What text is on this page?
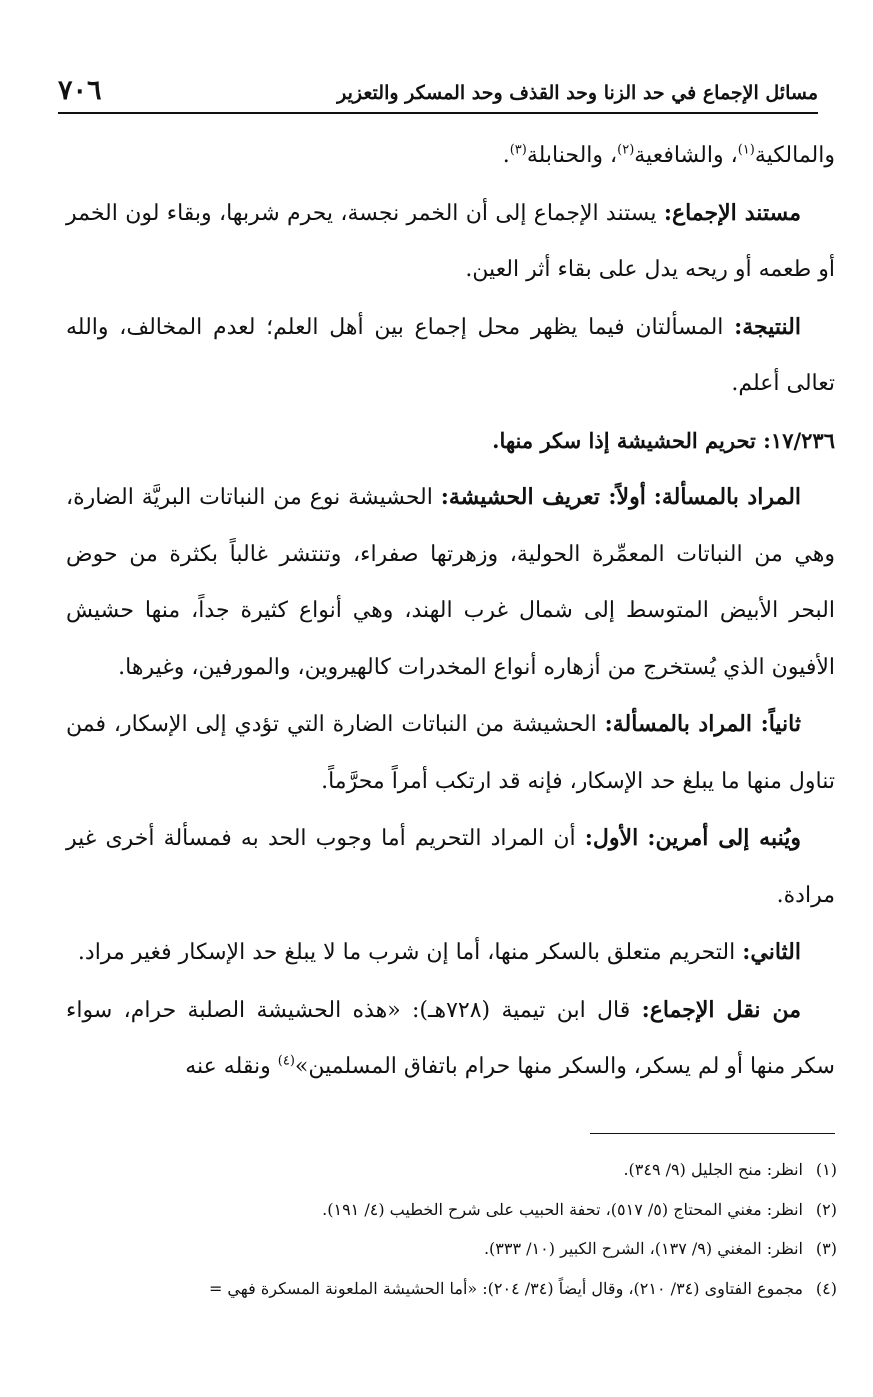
مسائل الإجماع في حد الزنا وحد القذف وحد المسكر والتعزير
٧٠٦

والمالكية$^{(١)}$، والشافعية$^{(٢)}$، والحنابلة$^{(٣)}$.

مستند الإجماع: يستند الإجماع إلى أن الخمر نجسة، يحرم شربها، وبقاء لون الخمر أو طعمه أو ريحه يدل على بقاء أثر العين.

النتيجة: المسألتان فيما يظهر محل إجماع بين أهل العلم؛ لعدم المخالف، والله تعالى أعلم.

١٧/٢٣٦: تحريم الحشيشة إذا سكر منها.

المراد بالمسألة: أولاً: تعريف الحشيشة: الحشيشة نوع من النباتات البريَّة الضارة، وهي من النباتات المعمِّرة الحولية، وزهرتها صفراء، وتنتشر غالباً بكثرة من حوض البحر الأبيض المتوسط إلى شمال غرب الهند، وهي أنواع كثيرة جداً، منها حشيش الأفيون الذي يُستخرج من أزهاره أنواع المخدرات كالهيروين، والمورفين، وغيرها.

ثانياً: المراد بالمسألة: الحشيشة من النباتات الضارة التي تؤدي إلى الإسكار، فمن تناول منها ما يبلغ حد الإسكار، فإنه قد ارتكب أمراً محرَّماً.

ويُنبه إلى أمرين: الأول: أن المراد التحريم أما وجوب الحد به فمسألة أخرى غير مرادة.

الثاني: التحريم متعلق بالسكر منها، أما إن شرب ما لا يبلغ حد الإسكار فغير مراد.

من نقل الإجماع: قال ابن تيمية (٧٢٨هـ): «هذه الحشيشة الصلبة حرام، سواء سكر منها أو لم يسكر، والسكر منها حرام باتفاق المسلمين»$^{(٤)}$ ونقله عنه

(١)انظر: منح الجليل (٩/ ٣٤٩).

(٢)انظر: مغني المحتاج (٥/ ٥١٧)، تحفة الحبيب على شرح الخطيب (٤/ ١٩١).

(٣)انظر: المغني (٩/ ١٣٧)، الشرح الكبير (١٠/ ٣٣٣).

(٤)مجموع الفتاوى (٣٤/ ٢١٠)، وقال أيضاً (٣٤/ ٢٠٤): «أما الحشيشة الملعونة المسكرة فهي =
